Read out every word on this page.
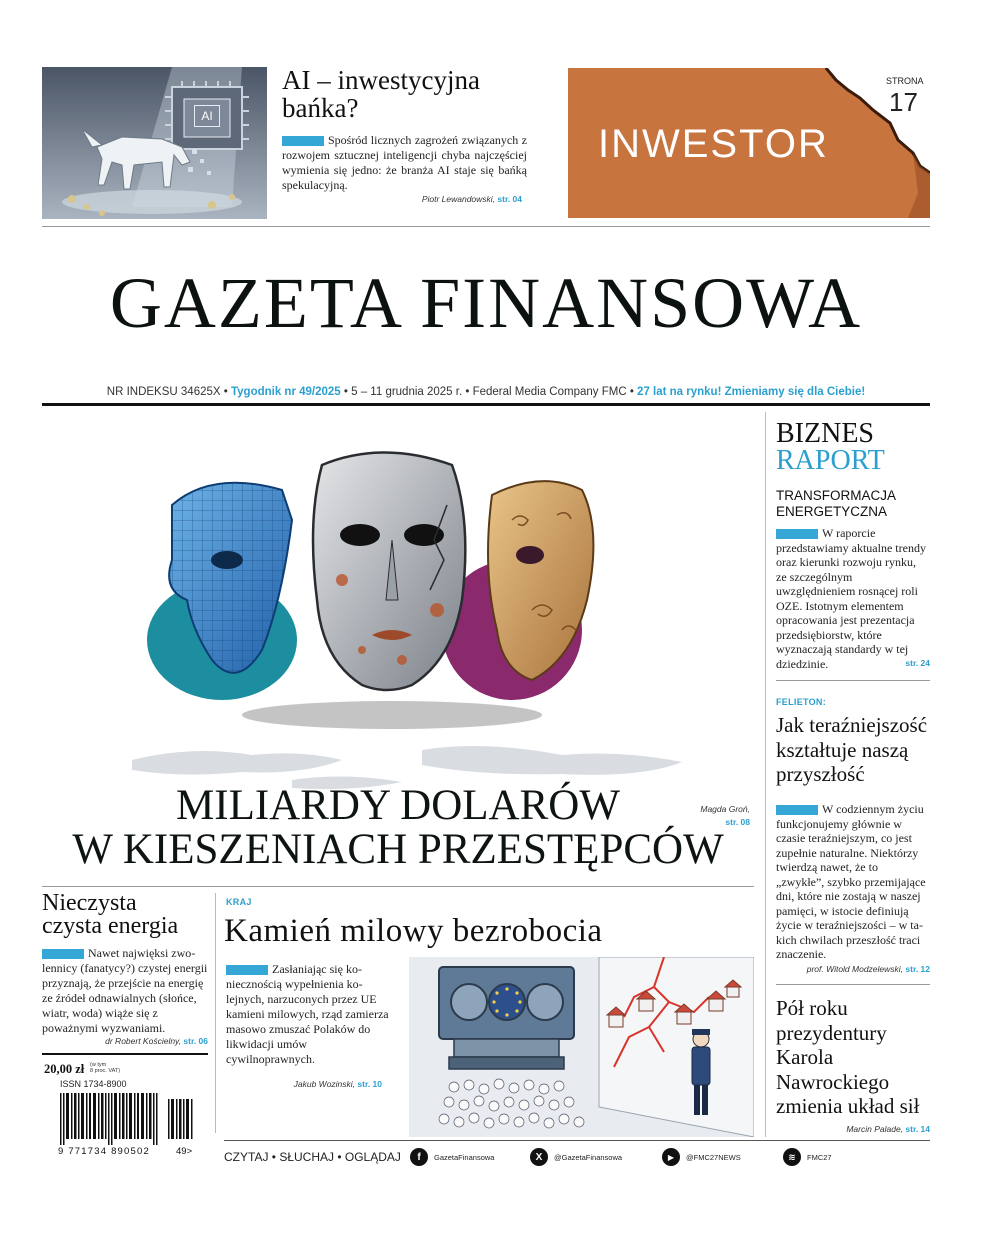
AI
AI – inwestycyjna
bańka?
Spośród licznych zagrożeń związanych z rozwojem sztucznej inteligencji chyba najczęściej wymienia się jedno: że branża AI staje się bańką spekulacyjną.
Piotr Lewandowski, str. 04
INWESTOR
STRONA
17
GAZETA FINANSOWA
NR INDEKSU 34625X • Tygodnik nr 49/2025 • 5 – 11 grudnia 2025 r. • Federal Media Company FMC • 27 lat na rynku! Zmieniamy się dla Ciebie!
MILIARDY DOLARÓW
W KIESZENIACH PRZESTĘPCÓW
Magda Groń,
str. 08
BIZNES
RAPORT
TRANSFORMACJA
ENERGETYCZNA
W raporcie przedstawiamy aktualne trendy oraz kierunki rozwoju rynku, ze szczególnym uwzględnieniem rosnącej roli OZE. Istotnym elementem opracowania jest prezentacja przedsiębiorstw, które wyznaczają standardy w tej dziedzinie.	str. 24
FELIETON:
Jak teraźniejszość
kształtuje naszą
przyszłość
W codziennym życiu funkcjonujemy głównie w czasie teraźniejszym, co jest zupełnie naturalne. Niektórzy twierdzą nawet, że to „zwykłe”, szybko przemijające dni, które nie zostają w naszej pamięci, w istocie definiują życie w teraźniejszości – w takich chwilach przeszłość traci znaczenie.
prof. Witold Modzelewski, str. 12
Pół roku
prezydentury
Karola
Nawrockiego
zmienia układ sił
Marcin Palade, str. 14
Nieczysta
czysta energia
Nawet najwięksi zwolennicy (fanatycy?) czystej energii przyznają, że przejście na energię ze źródeł odnawialnych (słońce, wiatr, woda) wiąże się z poważnymi wyzwaniami.
dr Robert Kościelny, str. 06
20,00 zł (w tym
8 proc. VAT)
ISSN 1734-8900
9 771734 890502	49>
KRAJ
Kamień milowy bezrobocia
Zasłaniając się koniecznością wypełnienia kolejnych, narzuconych przez UE kamieni milowych, rząd zamierza masowo zmuszać Polaków do likwidacji umów cywilnoprawnych.
Jakub Wozinski, str. 10
CZYTAJ • SŁUCHAJ • OGLĄDAJ	f	GazetaFinansowa	X	@GazetaFinansowa	▶	@FMC27NEWS	≋	FMC27
